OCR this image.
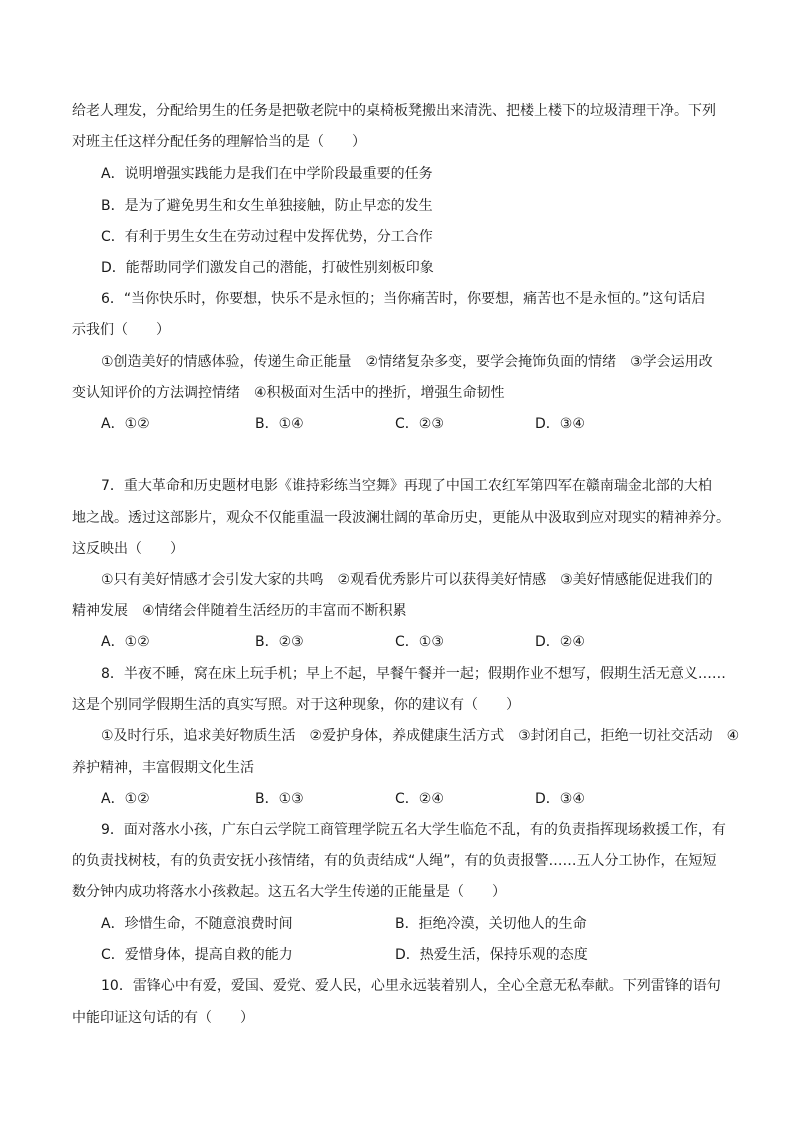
给老人理发，分配给男生的任务是把敬老院中的桌椅板凳搬出来清洗、把楼上楼下的垃圾清理干净。下列
对班主任这样分配任务的理解恰当的是（　　）
A．说明增强实践能力是我们在中学阶段最重要的任务
B．是为了避免男生和女生单独接触，防止早恋的发生
C．有利于男生女生在劳动过程中发挥优势，分工合作
D．能帮助同学们激发自己的潜能，打破性别刻板印象
6．“当你快乐时，你要想，快乐不是永恒的；当你痛苦时，你要想，痛苦也不是永恒的。”这句话启
示我们（　　）
①创造美好的情感体验，传递生命正能量　②情绪复杂多变，要学会掩饰负面的情绪　③学会运用改
变认知评价的方法调控情绪　④积极面对生活中的挫折，增强生命韧性
A．①②	B．①④	C．②③	D．③④
7．重大革命和历史题材电影《谁持彩练当空舞》再现了中国工农红军第四军在赣南瑞金北部的大柏
地之战。透过这部影片，观众不仅能重温一段波澜壮阔的革命历史，更能从中汲取到应对现实的精神养分。
这反映出（　　）
①只有美好情感才会引发大家的共鸣　②观看优秀影片可以获得美好情感　③美好情感能促进我们的
精神发展　④情绪会伴随着生活经历的丰富而不断积累
A．①②	B．②③	C．①③	D．②④
8．半夜不睡，窝在床上玩手机；早上不起，早餐午餐并一起；假期作业不想写，假期生活无意义……
这是个别同学假期生活的真实写照。对于这种现象，你的建议有（　　）
①及时行乐，追求美好物质生活　②爱护身体，养成健康生活方式　③封闭自己，拒绝一切社交活动　④
养护精神，丰富假期文化生活
A．①②	B．①③	C．②④	D．③④
9．面对落水小孩，广东白云学院工商管理学院五名大学生临危不乱，有的负责指挥现场救援工作，有
的负责找树枝，有的负责安抚小孩情绪，有的负责结成“人绳”，有的负责报警……五人分工协作，在短短
数分钟内成功将落水小孩救起。这五名大学生传递的正能量是（　　）
A．珍惜生命，不随意浪费时间	B．拒绝冷漠，关切他人的生命
C．爱惜身体，提高自救的能力	D．热爱生活，保持乐观的态度
10．雷锋心中有爱，爱国、爱党、爱人民，心里永远装着别人，全心全意无私奉献。下列雷锋的语句
中能印证这句话的有（　　）
